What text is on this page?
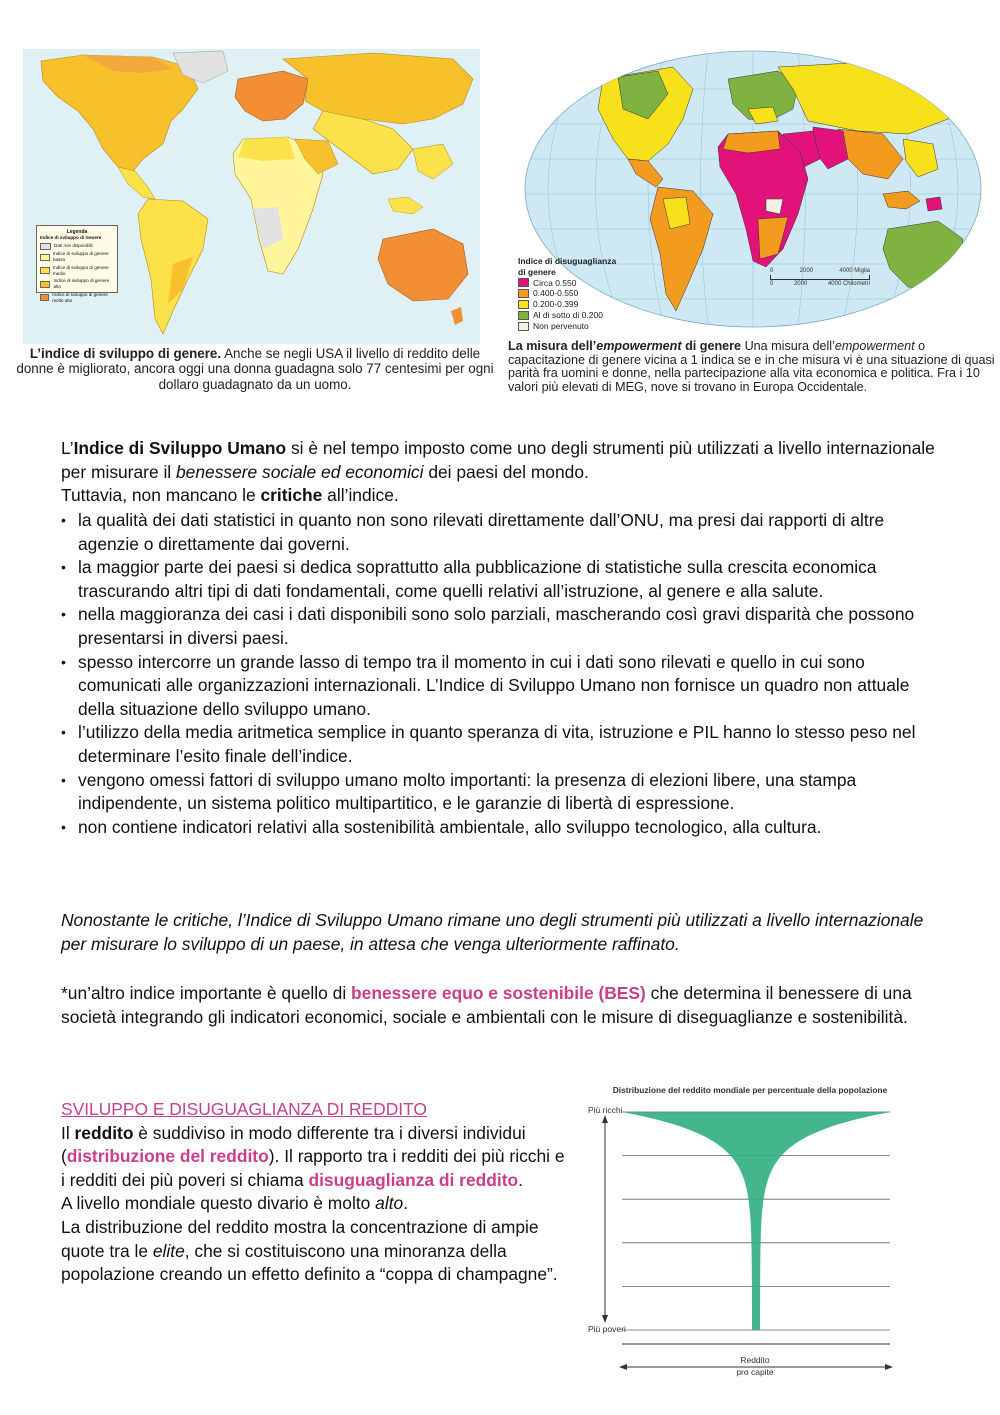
Legenda
Indice di sviluppo di Genere
Dati non disponibili
Indice di sviluppo di genere basso
Indice di sviluppo di genere medio
Indice di sviluppo di genere alto
Indice di sviluppo di genere molto alto
L’indice di sviluppo di genere. Anche se negli USA il livello di reddito delle donne è migliorato, ancora oggi una donna guadagna solo 77 centesimi per ogni dollaro guadagnato da un uomo.
Indice di disuguaglianza
di genere
Circa 0.550
0.400-0.550
0.200-0.399
Al di sotto di 0.200
Non pervenuto
0	2000	4000 Miglia
0	2000	4000 Chilometri
La misura dell’empowerment di genere Una misura dell’empowerment o capacitazione di genere vicina a 1 indica se e in che misura vi è una situazione di quasi parità fra uomini e donne, nella partecipazione alla vita economica e politica. Fra i 10 valori più elevati di MEG, nove si trovano in Europa Occidentale.

L’Indice di Sviluppo Umano si è nel tempo imposto come uno degli strumenti più utilizzati a livello internazionale per misurare il benessere sociale ed economici dei paesi del mondo.
Tuttavia, non mancano le critiche all’indice.

• la qualità dei dati statistici in quanto non sono rilevati direttamente dall’ONU, ma presi dai rapporti di altre agenzie o direttamente dai governi.
• la maggior parte dei paesi si dedica soprattutto alla pubblicazione di statistiche sulla crescita economica trascurando altri tipi di dati fondamentali, come quelli relativi all’istruzione, al genere e alla salute.
• nella maggioranza dei casi i dati disponibili sono solo parziali, mascherando così gravi disparità che possono presentarsi in diversi paesi.
• spesso intercorre un grande lasso di tempo tra il momento in cui i dati sono rilevati e quello in cui sono comunicati alle organizzazioni internazionali. L’Indice di Sviluppo Umano non fornisce un quadro non attuale della situazione dello sviluppo umano.
• l’utilizzo della media aritmetica semplice in quanto speranza di vita, istruzione e PIL hanno lo stesso peso nel determinare l’esito finale dell’indice.
• vengono omessi fattori di sviluppo umano molto importanti: la presenza di elezioni libere, una stampa indipendente, un sistema politico multipartitico, e le garanzie di libertà di espressione.
• non contiene indicatori relativi alla sostenibilità ambientale, allo sviluppo tecnologico, alla cultura.

Nonostante le critiche, l’Indice di Sviluppo Umano rimane uno degli strumenti più utilizzati a livello internazionale per misurare lo sviluppo di un paese, in attesa che venga ulteriormente raffinato.

*un’altro indice importante è quello di benessere equo e sostenibile (BES) che determina il benessere di una società integrando gli indicatori economici, sociale e ambientali con le misure di diseguaglianze e sostenibilità.

SVILUPPO E DISUGUAGLIANZA DI REDDITO
Il reddito è suddiviso in modo differente tra i diversi individui (distribuzione del reddito). Il rapporto tra i redditi dei più ricchi e i redditi dei più poveri si chiama disuguaglianza di reddito.
A livello mondiale questo divario è molto alto.
La distribuzione del reddito mostra la concentrazione di ampie quote tra le elite, che si costituiscono una minoranza della popolazione creando un effetto definito a “coppa di champagne”.
Distribuzione del reddito mondiale per percentuale della popolazione
Più ricchi
Più poveri
Reddito
pro capite
